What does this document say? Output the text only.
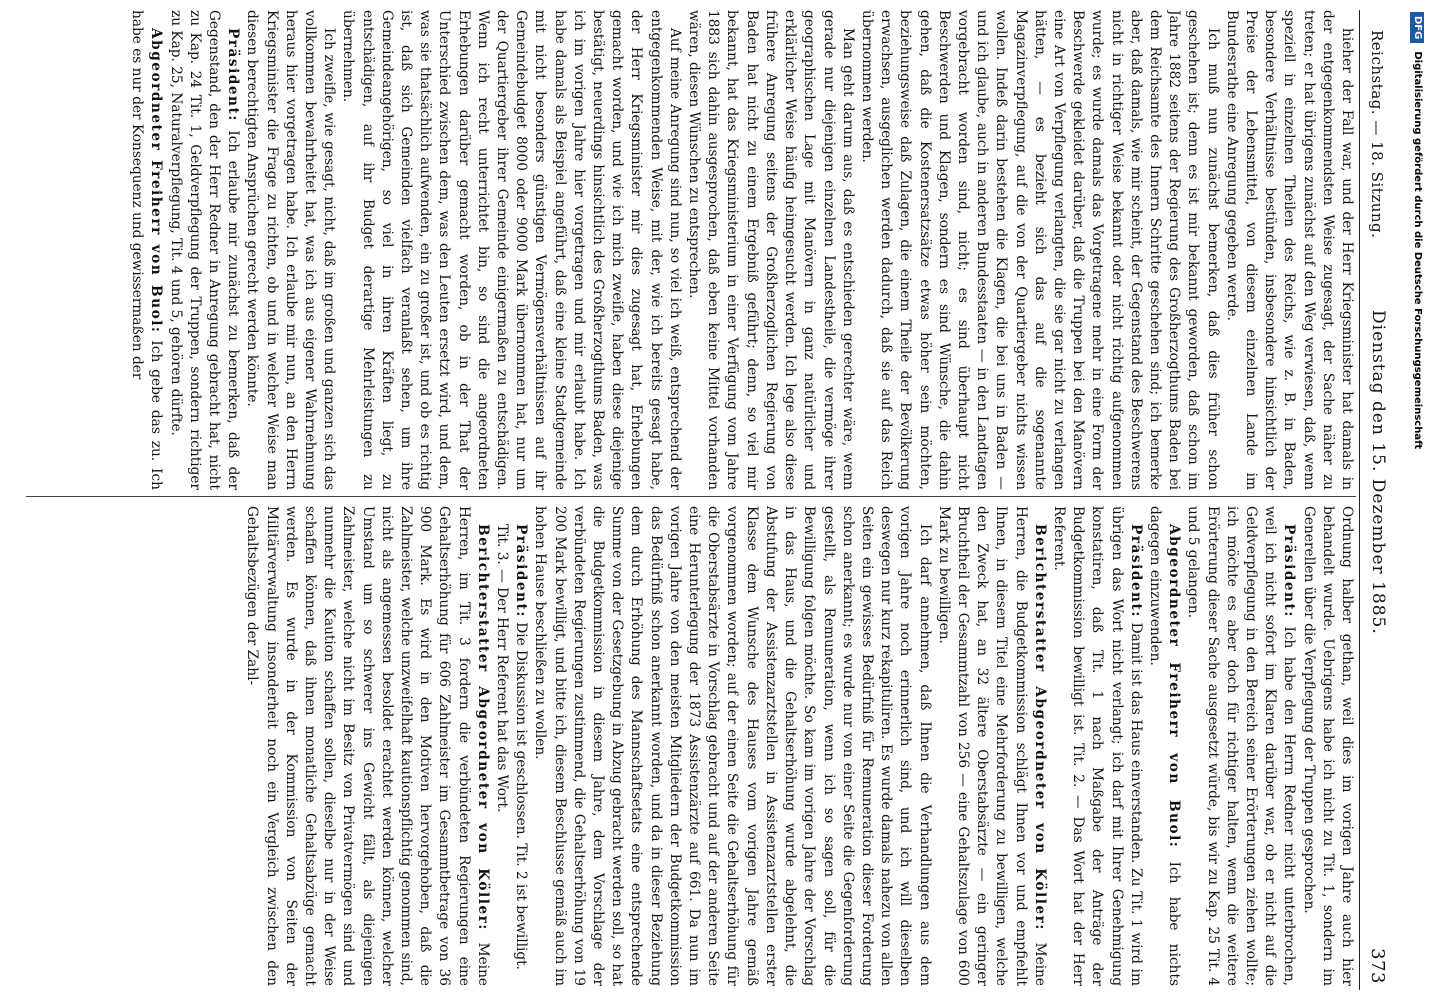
Reichstag. — 18. Sitzung.
Dienstag den 15. Dezember 1885.
373

hieher der Fall war, und der Herr Kriegsminister hat damals in der entgegenkommendsten Weise zugesagt, der Sache näher zu treten; er hat übrigens zunächst auf den Weg verwiesen, daß, wenn speziell in einzelnen Theilen des Reichs, wie z. B. in Baden, besondere Verhältnisse bestünden, insbesondere hinsichtlich der Preise der Lebensmittel, von diesem einzelnen Lande im Bundesrathe eine Anregung gegeben werde.

Ich muß nun zunächst bemerken, daß dies früher schon geschehen ist; denn es ist mir bekannt geworden, daß schon im Jahre 1882 seitens der Regierung des Großherzogthums Baden bei dem Reichsamte des Innern Schritte geschehen sind; ich bemerke aber, daß damals, wie mir scheint, der Gegenstand des Beschwerens nicht in richtiger Weise bekannt oder nicht richtig aufgenommen wurde; es wurde damals das Vorgetragene mehr in eine Form der Beschwerde gekleidet darüber, daß die Truppen bei den Manövern eine Art von Verpflegung verlangten, die sie gar nicht zu verlangen hätten, — es bezieht sich das auf die sogenannte Magazinverpflegung, auf die von der Quartiergeber nichts wissen wollen. Indeß darin bestehen die Klagen, die bei uns in Baden — und ich glaube, auch in anderen Bundesstaaten — in den Landtagen vorgebracht worden sind, nicht; es sind überhaupt nicht Beschwerden und Klagen, sondern es sind Wünsche, die dahin gehen, daß die Kostenersatzsätze etwas höher sein möchten, beziehungsweise daß Zulagen, die einem Theile der Bevölkerung erwachsen, ausgeglichen werden dadurch, daß sie auf das Reich übernommen werden.

Man geht darum aus, daß es entschieden gerechter wäre, wenn gerade nur diejenigen einzelnen Landestheile, die vermöge ihrer geographischen Lage mit Manövern in ganz natürlicher und erklärlicher Weise häufig heimgesucht werden. Ich lege also diese frühere Anregung seitens der Großherzoglichen Regierung von Baden hat nicht zu einem Ergebniß geführt; denn, so viel mir bekannt, hat das Kriegsministerium in einer Verfügung vom Jahre 1883 sich dahin ausgesprochen, daß eben keine Mittel vorhanden wären, diesen Wünschen zu entsprechen.

Auf meine Anregung sind nun, so viel ich weiß, entsprechend der entgegenkommenden Weise, mit der, wie ich bereits gesagt habe, der Herr Kriegsminister mir dies zugesagt hat, Erhebungen gemacht worden, und wie ich mich zweifle, haben diese diejenige bestätigt, neuerdings hinsichtlich des Großherzogthums Baden, was ich im vorigen Jahre hier vorgetragen und mir erlaubt habe. Ich habe damals als Beispiel angeführt, daß eine kleine Stadtgemeinde mit nicht besonders günstigen Vermögensverhältnissen auf ihr Gemeindebudget 8000 oder 9000 Mark übernommen hat, nur um der Quartiergeber ihrer Gemeinde einigermaßen zu entschädigen. Wenn ich recht unterrichtet bin, so sind die angeordneten Erhebungen darüber gemacht worden, ob in der That der Unterschied zwischen dem, was den Leuten ersetzt wird, und dem, was sie thatsächlich aufwenden, ein zu großer ist, und ob es richtig ist, daß sich Gemeinden vielfach veranlaßt sehen, um ihre Gemeindeangehörigen, so viel in ihren Kräften liegt, zu entschädigen, auf ihr Budget derartige Mehrleistungen zu übernehmen.

Ich zweifle, wie gesagt, nicht, daß im großen und ganzen sich das vollkommen bewahrheitet hat, was ich aus eigener Wahrnehmung heraus hier vorgetragen habe. Ich erlaube mir nun, an den Herrn Kriegsminister die Frage zu richten, ob und in welcher Weise man diesen berechtigten Ansprüchen gerecht werden könnte.

Präsident: Ich erlaube mir zunächst zu bemerken, daß der Gegenstand, den der Herr Redner in Anregung gebracht hat, nicht zu Kap. 24 Tit. 1, Geldverpflegung der Truppen, sondern richtiger zu Kap. 25, Naturalverpflegung, Tit. 4 und 5, gehören dürfte.

Abgeordneter Freiherr von Buol: Ich gebe das zu. Ich habe es nur der Konsequenz und gewissermaßen der

Ordnung halber gethan, weil dies im vorigen Jahre auch hier behandelt wurde. Uebrigens habe ich nicht zu Tit. 1, sondern im Generellen über die Verpflegung der Truppen gesprochen.

Präsident: Ich habe den Herrn Redner nicht unterbrochen, weil ich nicht sofort im Klaren darüber war, ob er nicht auf die Geldverpflegung in den Bereich seiner Erörterungen ziehen wollte; ich möchte es aber doch für richtiger halten, wenn die weitere Erörterung dieser Sache ausgesetzt würde, bis wir zu Kap. 25 Tit. 4 und 5 gelangen.

Abgeordneter Freiherr von Buol: Ich habe nichts dagegen einzuwenden.

Präsident: Damit ist das Haus einverstanden. Zu Tit. 1 wird im übrigen das Wort nicht verlangt; ich darf mit Ihrer Genehmigung konstatiren, daß Tit. 1 nach Maßgabe der Anträge der Budgetkommission bewilligt ist. Tit. 2. — Das Wort hat der Herr Referent.

Berichterstatter Abgeordneter von Köller: Meine Herren, die Budgetkommission schlägt Ihnen vor und empfiehlt Ihnen, in diesem Titel eine Mehrforderung zu bewilligen, welche den Zweck hat, an 32 ältere Oberstabsärzte — ein geringer Bruchtheil der Gesammtzahl von 256 — eine Gehaltszulage von 600 Mark zu bewilligen.

Ich darf annehmen, daß Ihnen die Verhandlungen aus dem vorigen Jahre noch erinnerlich sind, und ich will dieselben deswegen nur kurz rekapituliren. Es wurde damals nahezu von allen Seiten ein gewisses Bedürfniß für Remuneration dieser Forderung schon anerkannt; es wurde nur von einer Seite die Gegenforderung gestellt, als Remuneration, wenn ich so sagen soll, für die Bewilligung folgen möchte. So kam im vorigen Jahre der Vorschlag in das Haus, und die Gehaltserhöhung wurde abgelehnt, die Abstufung der Assistenzarztstellen in Assistenzarztstellen erster Klasse dem Wunsche des Hauses vom vorigen Jahre gemäß vorgenommen worden; auf der einen Seite die Gehaltserhöhung für die Oberstabsärzte in Vorschlag gebracht und auf der anderen Seite eine Herunterlegung der 1873 Assistenzärzte auf 661. Da nun im vorigen Jahre von den meisten Mitgliedern der Budgetkommission das Bedürfniß schon anerkannt worden, und da in dieser Beziehung dem durch Erhöhung des Mannschaftsetats eine entsprechende Summe von der Gesetzgebung in Abzug gebracht werden soll, so hat die Budgetkommission in diesem Jahre, dem Vorschlage der verbündeten Regierungen zustimmend, die Gehaltserhöhung von 19 200 Mark bewilligt, und bitte ich, diesem Beschlusse gemäß auch im hohen Hause beschließen zu wollen.

Präsident: Die Diskussion ist geschlossen. Tit. 2 ist bewilligt.

Tit. 3. — Der Herr Referent hat das Wort.

Berichterstatter Abgeordneter von Köller: Meine Herren, im Tit. 3 fordern die verbündeten Regierungen eine Gehaltserhöhung für 606 Zahlmeister im Gesammtbetrage von 36 900 Mark. Es wird in den Motiven hervorgehoben, daß die Zahlmeister, welche unzweifelhaft kautionspflichtig genommen sind, nicht als angemessen besoldet erachtet werden können, welcher Umstand um so schwerer ins Gewicht fällt, als diejenigen Zahlmeister, welche nicht im Besitz von Privatvermögen sind und nunmehr die Kaution schaffen sollen, dieselbe nur in der Weise schaffen können, daß ihnen monatliche Gehaltsabzüge gemacht werden. Es wurde in der Kommission von Seiten der Militärverwaltung insonderheit noch ein Vergleich zwischen den Gehaltsbezügen der Zahl-

DFGDigitalisierung gefördert durch die Deutsche Forschungsgemeinschaft
